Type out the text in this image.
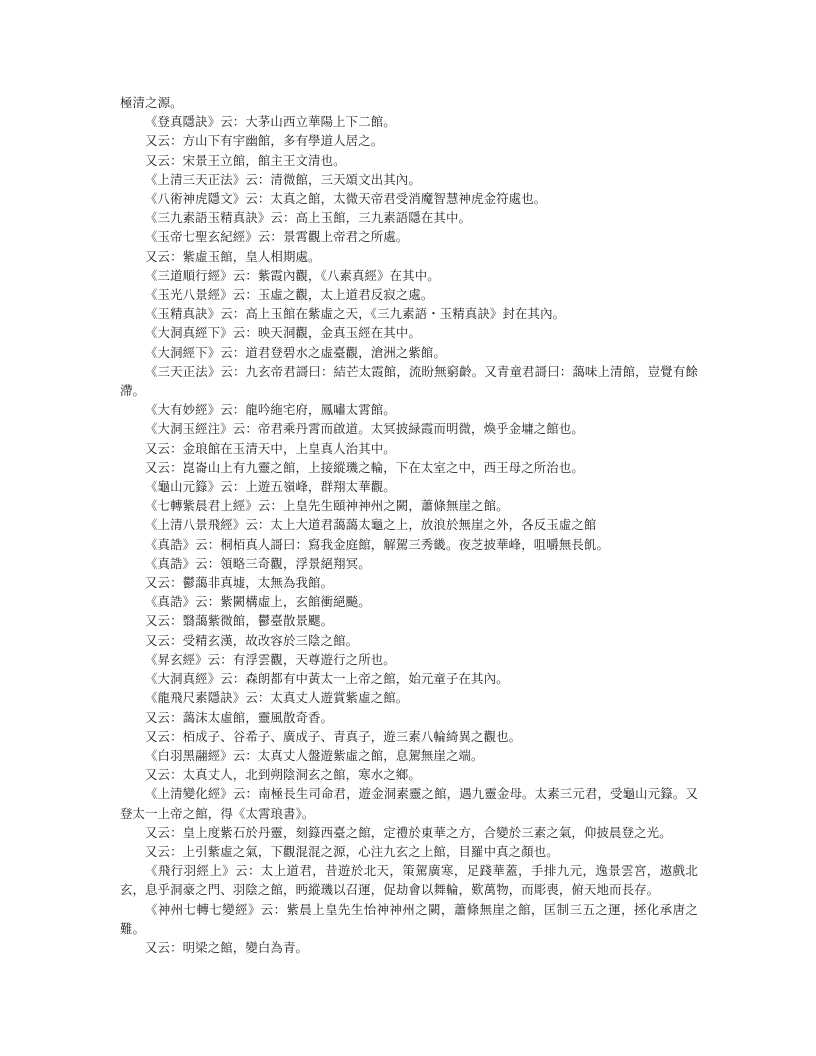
極清之源。

《登真隱訣》云：大茅山西立華陽上下二館。

又云：方山下有宇幽館，多有學道人居之。

又云：宋景王立館，館主王文清也。

《上清三天正法》云：清微館，三天頌文出其內。

《八術神虎隱文》云：太真之館，太微天帝君受消魔智慧神虎金符處也。

《三九素語玉精真訣》云：高上玉館，三九素語隱在其中。

《玉帝七聖玄紀經》云：景霄觀上帝君之所處。

又云：紫虛玉館，皇人相期處。

《三道順行經》云：紫霞內觀，《八素真經》在其中。

《玉光八景經》云：玉虛之觀，太上道君反寂之處。

《玉精真訣》云：高上玉館在紫虛之天，《三九素語・玉精真訣》封在其內。

《大洞真經下》云：映天洞觀，金真玉經在其中。

《大洞經下》云：道君登碧水之虛臺觀，滄洲之紫館。

《三天正法》云：九玄帝君謌曰：結芒太霞館，流盼無窮齡。又青童君謌曰：藹味上清館，豈覺有餘滯。

《大有妙經》云：龍吟絁宅府，鳳嘯太霄館。

《大洞玉經注》云：帝君乘丹霄而啟道。太冥披緑霞而明微，煥乎金墉之館也。

又云：金琅館在玉清天中，上皇真人治其中。

又云：崑崙山上有九靈之館，上接縱璣之輪，下在太室之中，西王母之所治也。

《龜山元籙》云：上遊五嶺峰，群翔太華觀。

《七轉紫晨君上經》云：上皇先生頤神神州之闕，蕭條無崖之館。

《上清八景飛經》云：太上大道君藹藹太龜之上，放浪於無崖之外，各反玉虛之館

《真誥》云：桐栢真人謌曰：寫我金庭館，解駕三秀畿。夜芝披華峰，咀嚼無長飢。

《真誥》云：領略三奇觀，浮景絕翔冥。

又云：鬱藹非真墟，太無為我館。

《真誥》云：紫闕構虛上，玄館衝絕飈。

又云：翳藹紫微館，鬱臺散景颸。

又云：受精玄漢，故改容於三陰之館。

《昇玄經》云：有浮雲觀，天尊遊行之所也。

《大洞真經》云：森朗都有中黃太一上帝之館，始元童子在其內。

《龍飛尺素隱訣》云：太真丈人遊賞紫虛之館。

又云：藹沫太虛館，靈風散奇香。

又云：栢成子、谷希子、廣成子、青真子，遊三素八輪綺異之觀也。

《白羽黑翮經》云：太真丈人盤遊紫虛之館，息駕無崖之端。

又云：太真丈人，北到朔陰洞玄之館，寒水之鄉。

《上清變化經》云：南極長生司命君，遊金洞素靈之館，遇九靈金母。太素三元君，受龜山元籙。又登太一上帝之館，得《太霄琅書》。

又云：皇上度紫石於丹靈，刻籙西臺之館，定禮於東華之方，合變於三素之氣，仰披晨登之光。

又云：上引紫虛之氣，下觀混混之源，心注九玄之上館，目羅中真之顏也。

《飛行羽經上》云：太上道君，昔遊於北天，策駕廣寒，足踐華蓋，手排九元，逸景雲宮，遨戲北玄，息乎洞豪之門、羽陰之館，眄縱璣以召運，促劫會以舞輪，歎萬物，而彫喪，俯天地而長存。

《神州七轉七變經》云：紫晨上皇先生怡神神州之闕，蕭條無崖之館，匡制三五之運，拯化承唐之難。

又云：明梁之館，變白為青。
